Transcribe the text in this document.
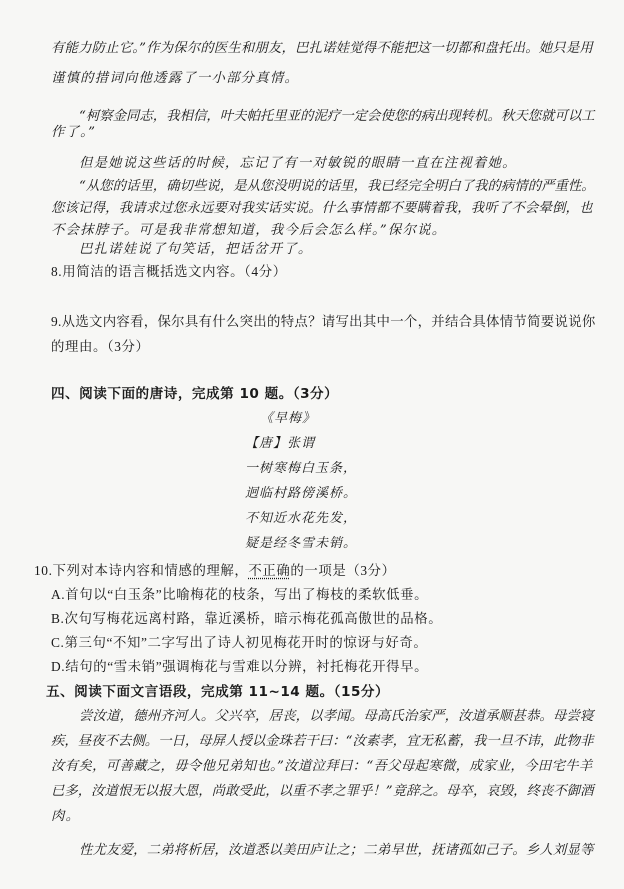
有能力防止它。”作为保尔的医生和朋友，巴扎诺娃觉得不能把这一切都和盘托出。她只是用
谨慎的措词向他透露了一小部分真情。
“柯察金同志，我相信，叶夫帕托里亚的泥疗一定会使您的病出现转机。秋天您就可以工
作了。”
但是她说这些话的时候，忘记了有一对敏锐的眼睛一直在注视着她。
“从您的话里，确切些说，是从您没明说的话里，我已经完全明白了我的病情的严重性。
您该记得，我请求过您永远要对我实话实说。什么事情都不要瞒着我，我听了不会晕倒，也
不会抹脖子。可是我非常想知道，我今后会怎么样。”保尔说。
巴扎诺娃说了句笑话，把话岔开了。
8.用简洁的语言概括选文内容。（4分）
9.从选文内容看，保尔具有什么突出的特点？请写出其中一个，并结合具体情节简要说说你
的理由。（3分）
四、阅读下面的唐诗，完成第 10 题。（3分）
《早梅》
【唐】张谓
一树寒梅白玉条，
迥临村路傍溪桥。
不知近水花先发，
疑是经冬雪未销。
10.下列对本诗内容和情感的理解，不正确的一项是（3分）
A.首句以“白玉条”比喻梅花的枝条，写出了梅枝的柔软低垂。
B.次句写梅花远离村路，靠近溪桥，暗示梅花孤高傲世的品格。
C.第三句“不知”二字写出了诗人初见梅花开时的惊讶与好奇。
D.结句的“雪未销”强调梅花与雪难以分辨，衬托梅花开得早。
五、阅读下面文言语段，完成第 11~14 题。（15分）
尝汝道，德州齐河人。父兴卒，居丧，以孝闻。母高氏治家严，汝道承顺甚恭。母尝寝
疾，昼夜不去侧。一日，母屏人授以金珠若干曰：“汝素孝，宜无私蓄，我一旦不讳，此物非
汝有矣，可善藏之，毋令他兄弟知也。”汝道泣拜曰：“吾父母起寒微，成家业，今田宅牛羊
已多，汝道恨无以报大恩，尚敢受此，以重不孝之罪乎！”竟辞之。母卒，哀毁，终丧不御酒
肉。
性尤友爱，二弟将析居，汝道悉以美田庐让之；二弟早世，抚诸孤如己子。乡人刘显等
